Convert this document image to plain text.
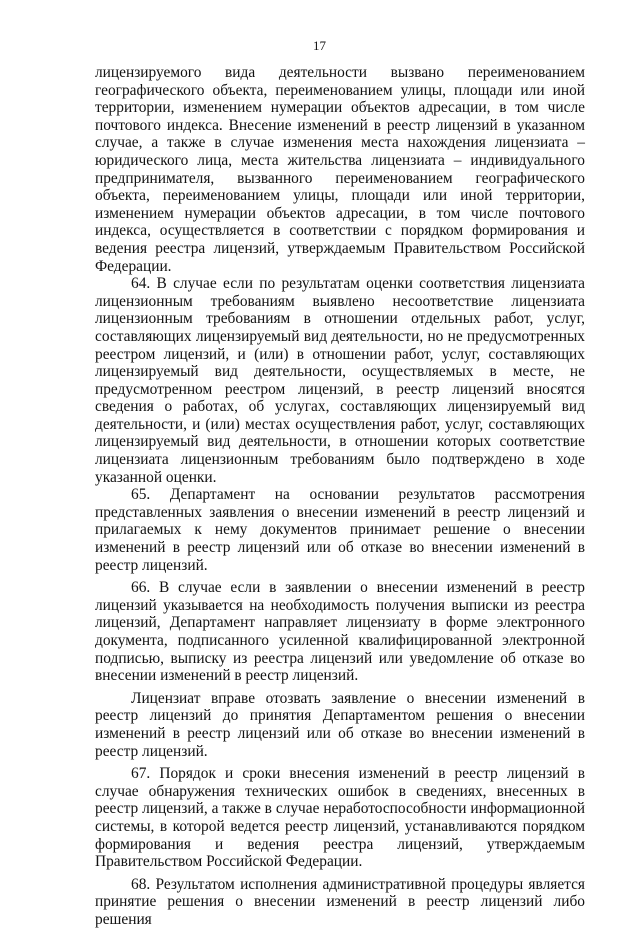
17

лицензируемого вида деятельности вызвано переименованием географического объекта, переименованием улицы, площади или иной территории, изменением нумерации объектов адресации, в том числе почтового индекса. Внесение изменений в реестр лицензий в указанном случае, а также в случае изменения места нахождения лицензиата – юридического лица, места жительства лицензиата – индивидуального предпринимателя, вызванного переименованием географического объекта, переименованием улицы, площади или иной территории, изменением нумерации объектов адресации, в том числе почтового индекса, осуществляется в соответствии с порядком формирования и ведения реестра лицензий, утверждаемым Правительством Российской Федерации.

64. В случае если по результатам оценки соответствия лицензиата лицензионным требованиям выявлено несоответствие лицензиата лицензионным требованиям в отношении отдельных работ, услуг, составляющих лицензируемый вид деятельности, но не предусмотренных реестром лицензий, и (или) в отношении работ, услуг, составляющих лицензируемый вид деятельности, осуществляемых в месте, не предусмотренном реестром лицензий, в реестр лицензий вносятся сведения о работах, об услугах, составляющих лицензируемый вид деятельности, и (или) местах осуществления работ, услуг, составляющих лицензируемый вид деятельности, в отношении которых соответствие лицензиата лицензионным требованиям было подтверждено в ходе указанной оценки.

65. Департамент на основании результатов рассмотрения представленных заявления о внесении изменений в реестр лицензий и прилагаемых к нему документов принимает решение о внесении изменений в реестр лицензий или об отказе во внесении изменений в реестр лицензий.

66. В случае если в заявлении о внесении изменений в реестр лицензий указывается на необходимость получения выписки из реестра лицензий, Департамент направляет лицензиату в форме электронного документа, подписанного усиленной квалифицированной электронной подписью, выписку из реестра лицензий или уведомление об отказе во внесении изменений в реестр лицензий.

Лицензиат вправе отозвать заявление о внесении изменений в реестр лицензий до принятия Департаментом решения о внесении изменений в реестр лицензий или об отказе во внесении изменений в реестр лицензий.

67. Порядок и сроки внесения изменений в реестр лицензий в случае обнаружения технических ошибок в сведениях, внесенных в реестр лицензий, а также в случае неработоспособности информационной системы, в которой ведется реестр лицензий, устанавливаются порядком формирования и ведения реестра лицензий, утверждаемым Правительством Российской Федерации.

68. Результатом исполнения административной процедуры является принятие решения о внесении изменений в реестр лицензий либо решения
